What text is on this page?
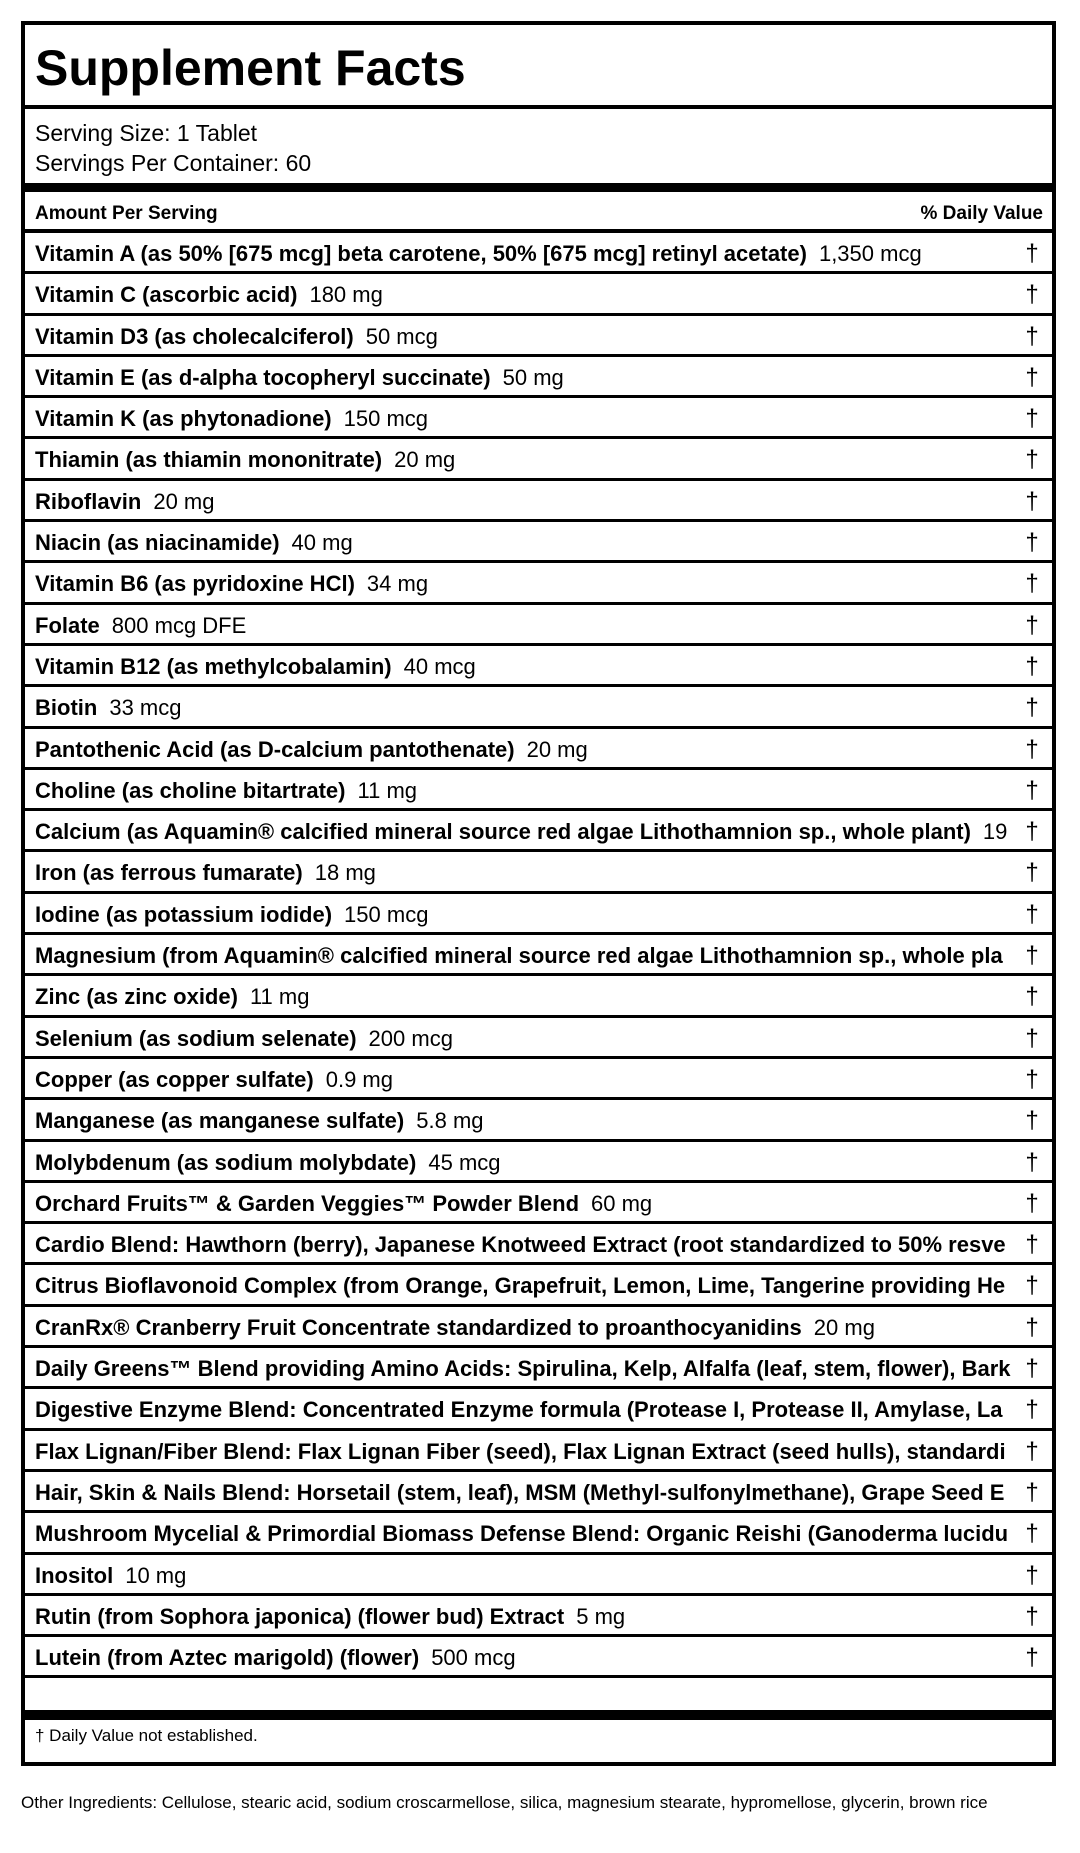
Supplement Facts
Serving Size: 1 Tablet
Servings Per Container: 60
Amount Per Serving	% Daily Value
Vitamin A (as 50% [675 mcg] beta carotene, 50% [675 mcg] retinyl acetate) 1,350 mcg	†
Vitamin C (ascorbic acid) 180 mg	†
Vitamin D3 (as cholecalciferol) 50 mcg	†
Vitamin E (as d-alpha tocopheryl succinate) 50 mg	†
Vitamin K (as phytonadione) 150 mcg	†
Thiamin (as thiamin mononitrate) 20 mg	†
Riboflavin 20 mg	†
Niacin (as niacinamide) 40 mg	†
Vitamin B6 (as pyridoxine HCl) 34 mg	†
Folate 800 mcg DFE	†
Vitamin B12 (as methylcobalamin) 40 mcg	†
Biotin 33 mcg	†
Pantothenic Acid (as D-calcium pantothenate) 20 mg	†
Choline (as choline bitartrate) 11 mg	†
Calcium (as Aquamin® calcified mineral source red algae Lithothamnion sp., whole plant) 19 †
Iron (as ferrous fumarate) 18 mg	†
Iodine (as potassium iodide) 150 mcg	†
Magnesium (from Aquamin® calcified mineral source red algae Lithothamnion sp., whole pla †
Zinc (as zinc oxide) 11 mg	†
Selenium (as sodium selenate) 200 mcg	†
Copper (as copper sulfate) 0.9 mg	†
Manganese (as manganese sulfate) 5.8 mg	†
Molybdenum (as sodium molybdate) 45 mcg	†
Orchard Fruits™ & Garden Veggies™ Powder Blend 60 mg	†
Cardio Blend: Hawthorn (berry), Japanese Knotweed Extract (root standardized to 50% resve †
Citrus Bioflavonoid Complex (from Orange, Grapefruit, Lemon, Lime, Tangerine providing He †
CranRx® Cranberry Fruit Concentrate standardized to proanthocyanidins 20 mg	†
Daily Greens™ Blend providing Amino Acids: Spirulina, Kelp, Alfalfa (leaf, stem, flower), Bark †
Digestive Enzyme Blend: Concentrated Enzyme formula (Protease I, Protease II, Amylase, La †
Flax Lignan/Fiber Blend: Flax Lignan Fiber (seed), Flax Lignan Extract (seed hulls), standardi †
Hair, Skin & Nails Blend: Horsetail (stem, leaf), MSM (Methyl-sulfonylmethane), Grape Seed E †
Mushroom Mycelial & Primordial Biomass Defense Blend: Organic Reishi (Ganoderma lucidu †
Inositol 10 mg	†
Rutin (from Sophora japonica) (flower bud) Extract 5 mg	†
Lutein (from Aztec marigold) (flower) 500 mcg	†

† Daily Value not established.

Other Ingredients: Cellulose, stearic acid, sodium croscarmellose, silica, magnesium stearate, hypromellose, glycerin, brown rice
